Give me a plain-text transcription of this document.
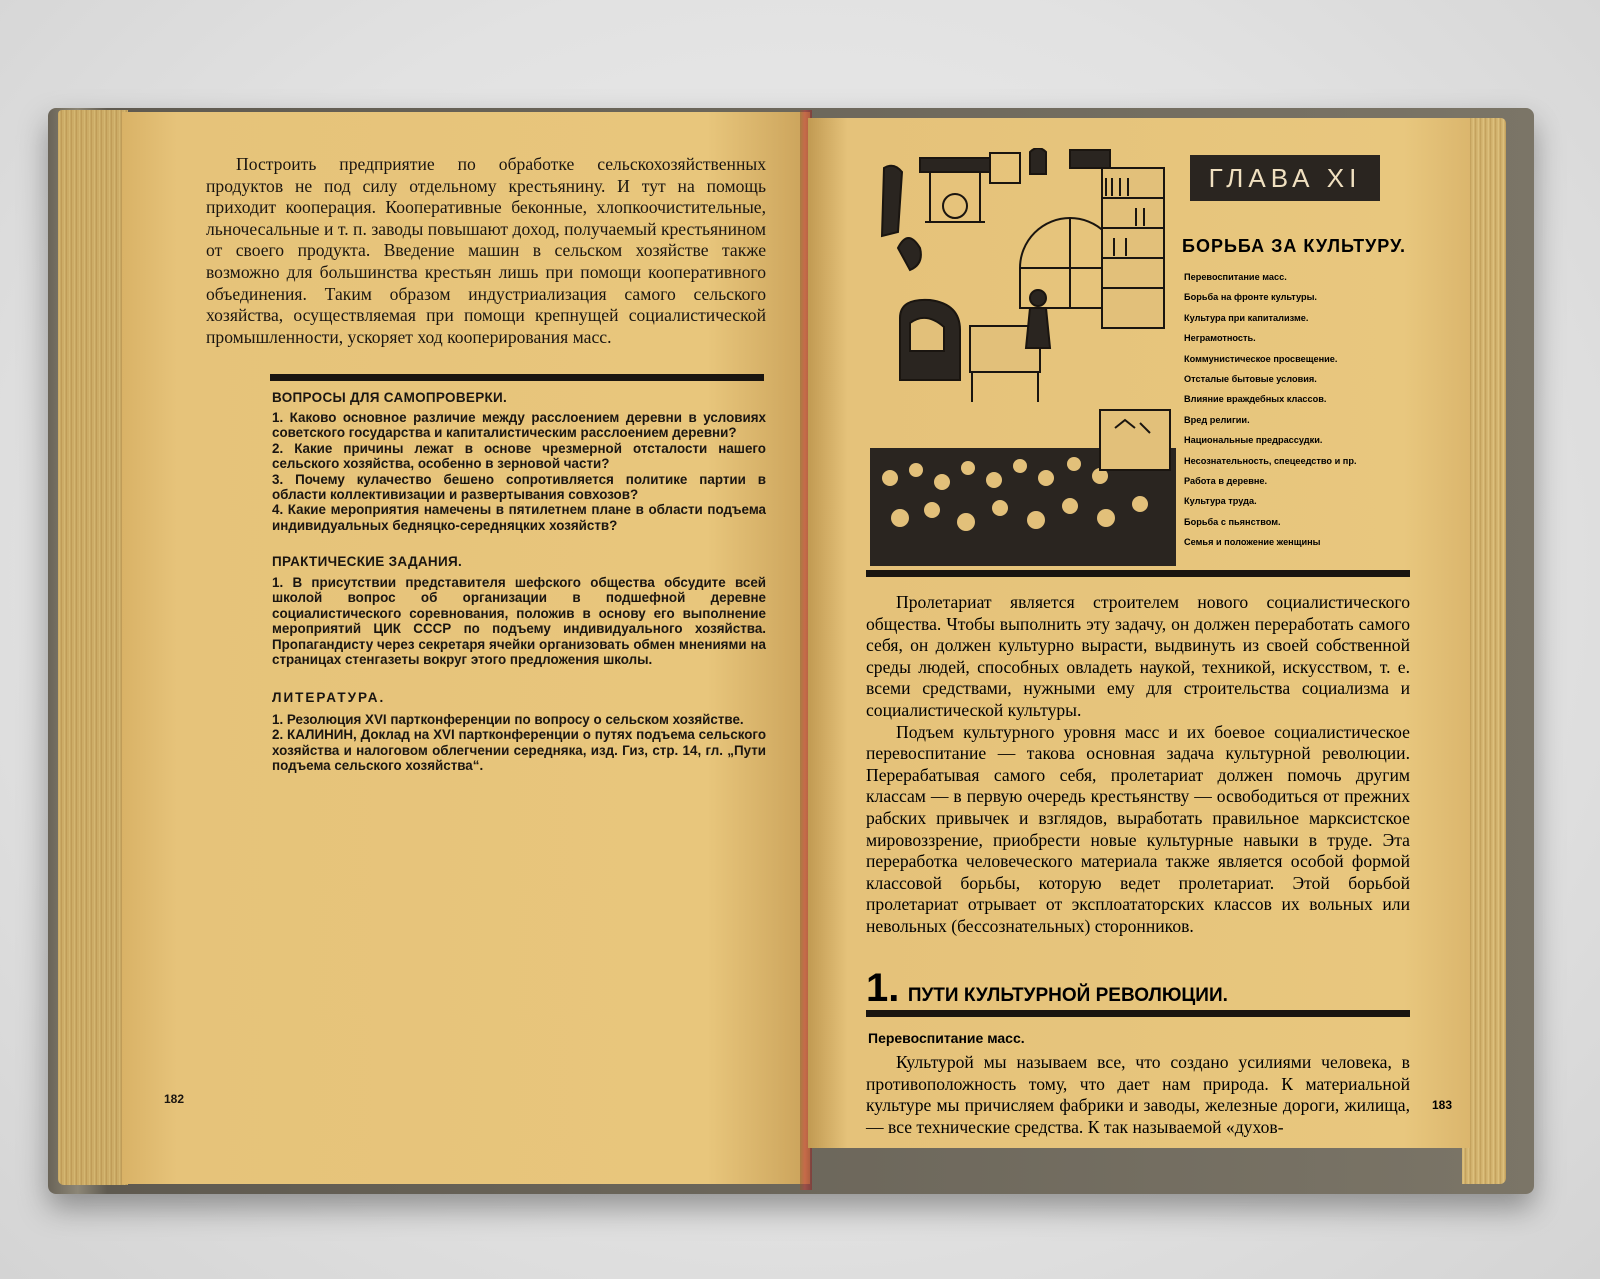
Построить предприятие по обработке сельскохозяйственных продуктов не под силу отдельному крестьянину. И тут на помощь приходит кооперация. Кооперативные беконные, хлопкоочистительные, льночесальные и т. п. заводы повышают доход, получаемый крестьянином от своего продукта. Введение машин в сельском хозяйстве также возможно для большинства крестьян лишь при помощи кооперативного объединения. Таким образом индустриализация самого сельского хозяйства, осуществляемая при помощи крепнущей социалистической промышленности, ускоряет ход кооперирования масс.

ВОПРОСЫ ДЛЯ САМОПРОВЕРКИ.
1. Каково основное различие между расслоением деревни в условиях советского государства и капиталистическим расслоением деревни?
2. Какие причины лежат в основе чрезмерной отсталости нашего сельского хозяйства, особенно в зерновой части?
3. Почему кулачество бешено сопротивляется политике партии в области коллективизации и развертывания совхозов?
4. Какие мероприятия намечены в пятилетнем плане в области подъема индивидуальных бедняцко-середняцких хозяйств?
ПРАКТИЧЕСКИЕ ЗАДАНИЯ.
1. В присутствии представителя шефского общества обсудите всей школой вопрос об организации в подшефной деревне социалистического соревнования, положив в основу его выполнение мероприятий ЦИК СССР по подъему индивидуального хозяйства. Пропагандисту через секретаря ячейки организовать обмен мнениями на страницах стенгазеты вокруг этого предложения школы.
ЛИТЕРАТУРА.
1. Резолюция XVI партконференции по вопросу о сельском хозяйстве.
2. КАЛИНИН, Доклад на XVI партконференции о путях подъема сельского хозяйства и налоговом облегчении середняка, изд. Гиз, стр. 14, гл. „Пути подъема сельского хозяйства“.
182
ГЛАВА XI
БОРЬБА ЗА КУЛЬТУРУ.
Перевоспитание масс.
Борьба на фронте культуры.
Культура при капитализме.
Неграмотность.
Коммунистическое просвещение.
Отсталые бытовые условия.
Влияние враждебных классов.
Вред религии.
Национальные предрассудки.
Несознательность, спецеедство и пр.
Работа в деревне.
Культура труда.
Борьба с пьянством.
Семья и положение женщины

Пролетариат является строителем нового социалистического общества. Чтобы выполнить эту задачу, он должен переработать самого себя, он должен культурно вырасти, выдвинуть из своей собственной среды людей, способных овладеть наукой, техникой, искусством, т. е. всеми средствами, нужными ему для строительства социализма и социалистической культуры.

Подъем культурного уровня масс и их боевое социалистическое перевоспитание — такова основная задача культурной революции. Перерабатывая самого себя, пролетариат должен помочь другим классам — в первую очередь крестьянству — освободиться от прежних рабских привычек и взглядов, выработать правильное марксистское мировоззрение, приобрести новые культурные навыки в труде. Эта переработка человеческого материала также является особой формой классовой борьбы, которую ведет пролетариат. Этой борьбой пролетариат отрывает от эксплоататорских классов их вольных или невольных (бессознательных) сторонников.

1. ПУТИ КУЛЬТУРНОЙ РЕВОЛЮЦИИ.
Перевоспитание масс.

Культурой мы называем все, что создано усилиями человека, в противоположность тому, что дает нам природа. К материальной культуре мы причисляем фабрики и заводы, железные дороги, жилища, — все технические средства. К так называемой «духов-

183
